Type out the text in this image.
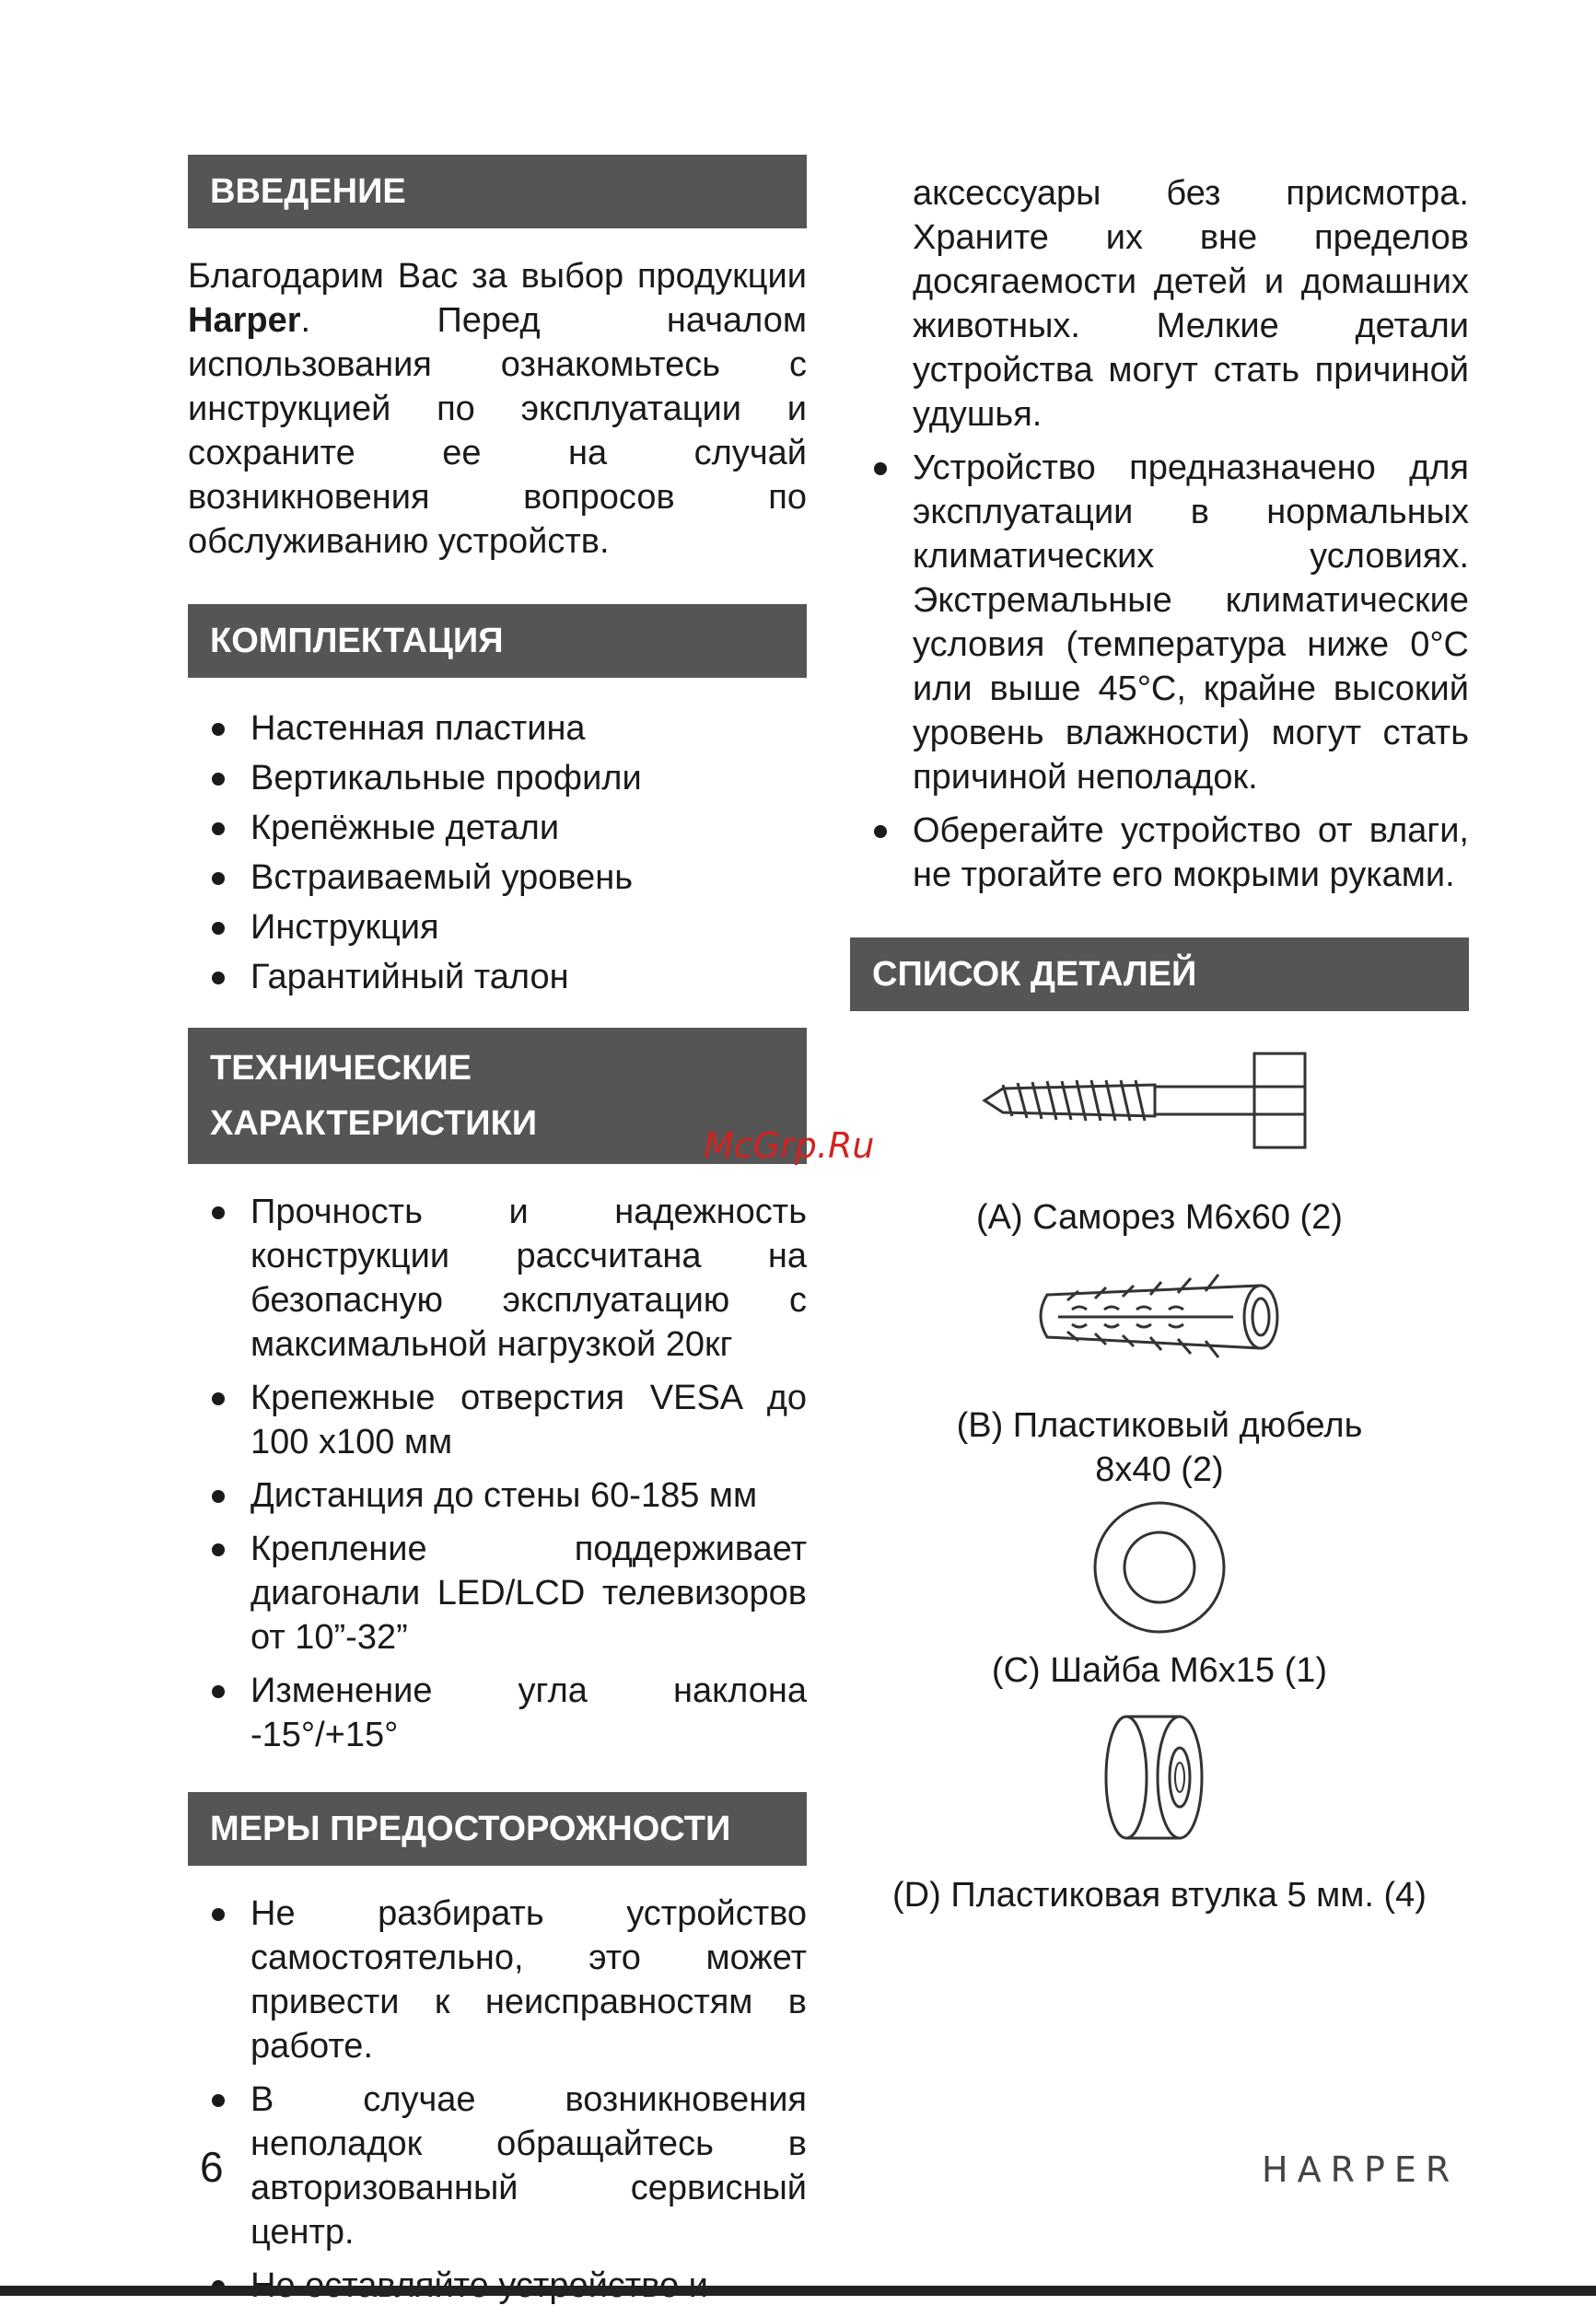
ВВЕДЕНИЕ

Благодарим Вас за выбор продукции Harper. Перед началом использования ознакомьтесь с инструкцией по эксплуатации и сохраните ее на случай возникновения вопросов по обслуживанию устройств.

КОМПЛЕКТАЦИЯ
Настенная пластина
Вертикальные профили
Крепёжные детали
Встраиваемый уровень
Инструкция
Гарантийный талон
ТЕХНИЧЕСКИЕ
ХАРАКТЕРИСТИКИ
Прочность и надежность конструкции рассчитана на безопасную эксплуатацию с максимальной нагрузкой 20кг
Крепежные отверстия VESA до 100 х100 мм
Дистанция до стены 60-185 мм
Крепление поддерживает диагонали LED/LCD телевизоров от 10”-32”
Изменение угла наклона -15°/+15°
МЕРЫ ПРЕДОСТОРОЖНОСТИ
Не разбирать устройство самостоятельно, это может привести к неисправностям в работе.
В случае возникновения неполадок обращайтесь в авторизованный сервисный центр.

аксессуары без присмотра. Храните их вне пределов досягаемости детей и домашних животных. Мелкие детали устройства могут стать причиной удушья.

Устройство предназначено для эксплуатации в нормальных климатических условиях. Экстремальные климатические условия (температура ниже 0°С или выше 45°С, крайне высокий уровень влажности) могут стать причиной неполадок.
Оберегайте устройство от влаги, не трогайте его мокрыми руками.
СПИСОК ДЕТАЛЕЙ

(A) Саморез M6x60 (2)

(B) Пластиковый дюбель

8x40 (2)

(C) Шайба M6x15 (1)

(D) Пластиковая втулка 5 мм. (4)

McGrp.Ru
6	HARPER
